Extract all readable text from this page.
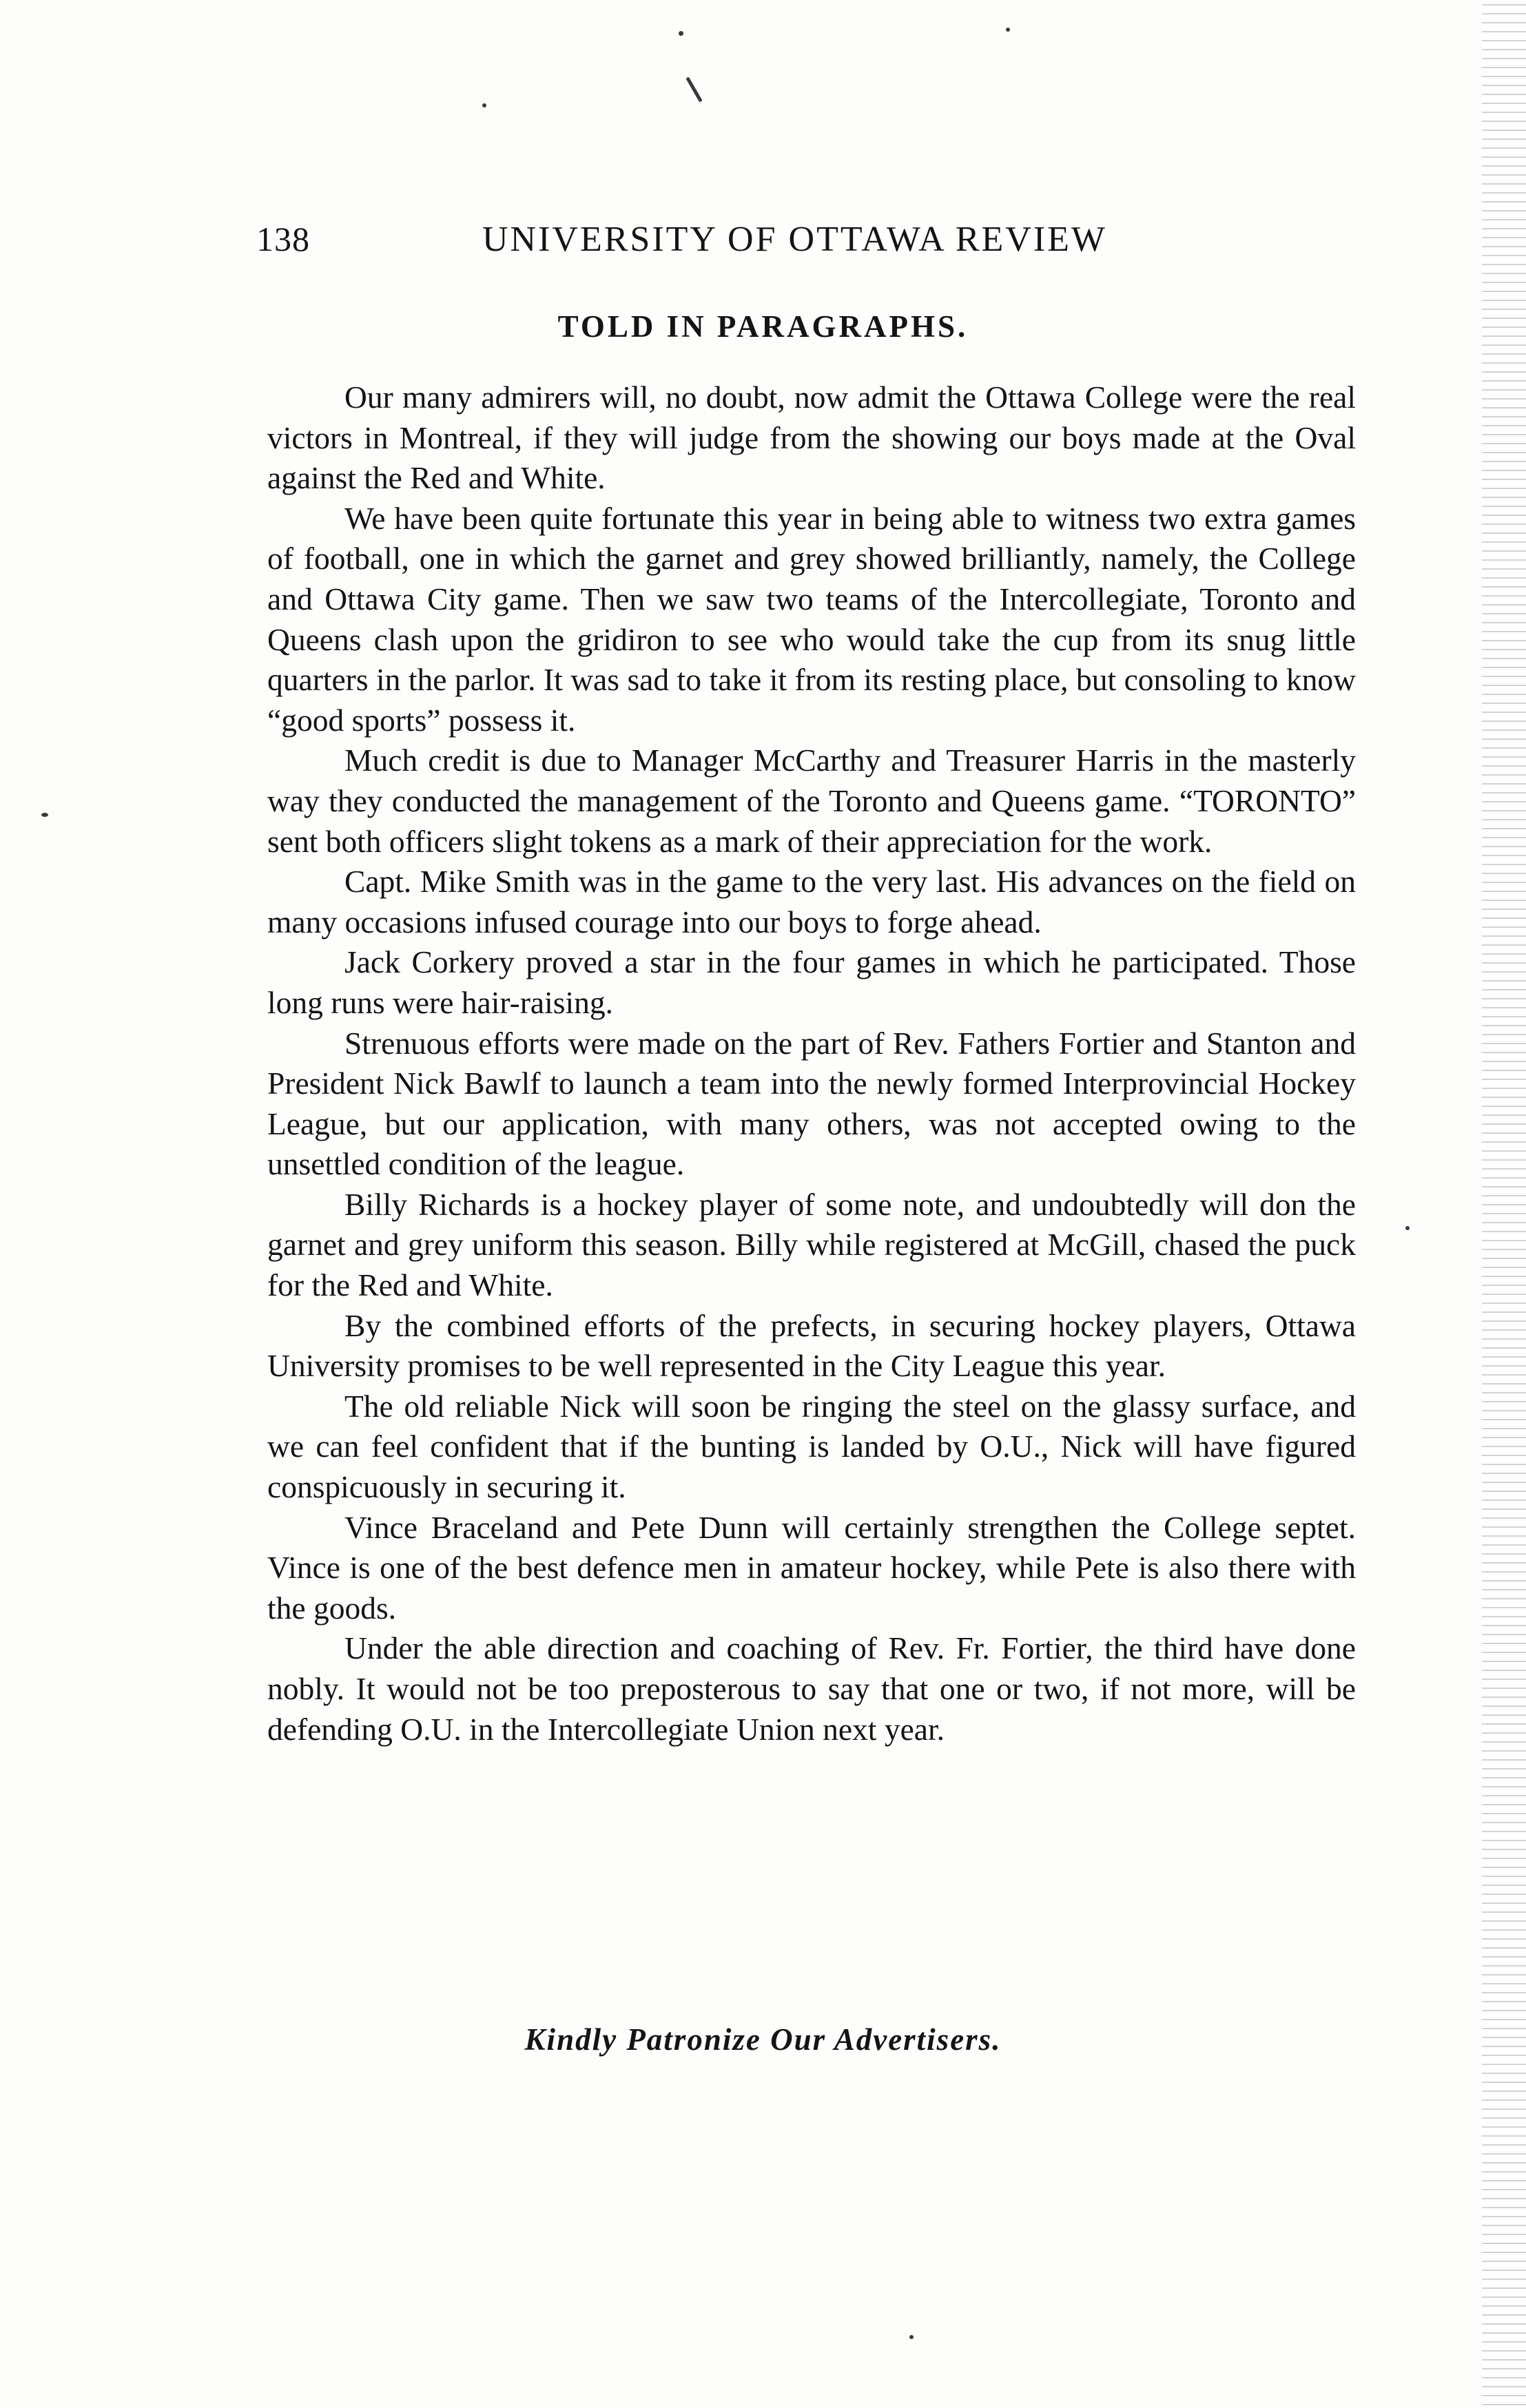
138	UNIVERSITY OF OTTAWA REVIEW
TOLD IN PARAGRAPHS.

Our many admirers will, no doubt, now admit the Ottawa College were the real victors in Montreal, if they will judge from the showing our boys made at the Oval against the Red and White.

We have been quite fortunate this year in being able to witness two extra games of football, one in which the garnet and grey showed brilliantly, namely, the College and Ottawa City game. Then we saw two teams of the Intercollegiate, Toronto and Queens clash upon the gridiron to see who would take the cup from its snug little quarters in the parlor. It was sad to take it from its resting place, but consoling to know “good sports” possess it.

Much credit is due to Manager McCarthy and Treasurer Harris in the masterly way they conducted the management of the Toronto and Queens game. “TORONTO” sent both officers slight tokens as a mark of their appreciation for the work.

Capt. Mike Smith was in the game to the very last. His advances on the field on many occasions infused courage into our boys to forge ahead.

Jack Corkery proved a star in the four games in which he participated. Those long runs were hair-raising.

Strenuous efforts were made on the part of Rev. Fathers Fortier and Stanton and President Nick Bawlf to launch a team into the newly formed Interprovincial Hockey League, but our application, with many others, was not accepted owing to the unsettled condition of the league.

Billy Richards is a hockey player of some note, and undoubtedly will don the garnet and grey uniform this season. Billy while registered at McGill, chased the puck for the Red and White.

By the combined efforts of the prefects, in securing hockey players, Ottawa University promises to be well represented in the City League this year.

The old reliable Nick will soon be ringing the steel on the glassy surface, and we can feel confident that if the bunting is landed by O.U., Nick will have figured conspicuously in securing it.

Vince Braceland and Pete Dunn will certainly strengthen the College septet. Vince is one of the best defence men in amateur hockey, while Pete is also there with the goods.

Under the able direction and coaching of Rev. Fr. Fortier, the third have done nobly. It would not be too preposterous to say that one or two, if not more, will be defending O.U. in the Intercollegiate Union next year.

Kindly Patronize Our Advertisers.
